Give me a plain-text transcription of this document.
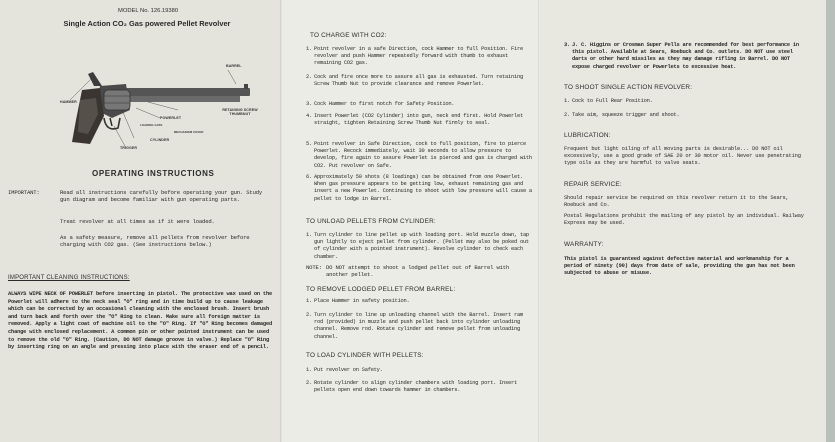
MODEL No. 126.19380
Single Action CO₂ Gas powered Pellet Revolver
BARREL
HAMMER
POWERLET
LOADING GATE
RETAINING SCREW THUMBNUT
MECHANISM COVER
CYLINDER
TRIGGER
OPERATING INSTRUCTIONS
IMPORTANT:	Read all instructions carefully before operating your gun. Study gun diagram and become familiar with gun operating parts.
Treat revolver at all times as if it were loaded.
As a safety measure, remove all pellets from revolver before charging with CO2 gas. (See instructions below.)
IMPORTANT CLEANING INSTRUCTIONS:
ALWAYS WIPE NECK OF POWERLET before inserting in pistol. The protective wax used on the Powerlet will adhere to the neck seal "O" ring and in time build up to cause leakage which can be corrected by an occasional cleaning with the enclosed brush. Insert brush and turn back and forth over the "O" Ring to clean. Make sure all foreign matter is removed. Apply a light coat of machine oil to the "O" Ring. If "O" Ring becomes damaged change with enclosed replacement. A common pin or other pointed instrument can be used to remove the old "O" Ring. (Caution, DO NOT damage groove in valve.) Replace "O" Ring by inserting ring on an angle and pressing into place with the eraser end of a pencil.
TO CHARGE WITH CO2:
1. Point revolver in a safe Direction, cock Hammer to full Position. Fire revolver and push Hammer repeatedly forward with thumb to exhaust remaining CO2 gas.
2. Cock and fire once more to assure all gas is exhausted. Turn retaining Screw Thumb Nut to provide clearance and remove Powerlet.
3. Cock Hammer to first notch for Safety Position.
4. Insert Powerlet (CO2 Cylinder) into gun, neck end first. Hold Powerlet straight, tighten Retaining Screw Thumb Nut firmly to seal.
5. Point revolver in Safe Direction, cock to full position, fire to pierce Powerlet. Recock immediately, wait 30 seconds to allow pressure to develop, fire again to assure Powerlet is pierced and gas is charged with CO2. Put revolver on Safe.
6. Approximately 50 shots (8 loadings) can be obtained from one Powerlet. When gas pressure appears to be getting low, exhaust remaining gas and insert a new Powerlet. Continuing to shoot with low pressure will cause a pellet to lodge in Barrel.
TO UNLOAD PELLETS FROM CYLINDER:
1. Turn cylinder to line pellet up with loading port. Hold muzzle down, tap gun lightly to eject pellet from cylinder. (Pellet may also be poked out of cylinder with a pointed instrument). Revolve cylinder to check each chamber.
NOTE: DO NOT attempt to shoot a lodged pellet out of Barrel with another pellet.
TO REMOVE LODGED PELLET FROM BARREL:
1. Place Hammer in safety position.
2. Turn cylinder to line up unloading channel with the Barrel. Insert ram rod (provided) in muzzle and push pellet back into cylinder unloading channel. Remove rod. Rotate cylinder and remove pellet from unloading channel.
TO LOAD CYLINDER WITH PELLETS:
1. Put revolver on Safety.
2. Rotate cylinder to align cylinder chambers with loading port. Insert pellets open end down towards hammer in chambers.
3. J. C. Higgins or Crosman Super Pells are recommended for best performance in this pistol. Available at Sears, Roebuck and Co. outlets. DO NOT use steel darts or other hard missiles as they may damage rifling in Barrel. DO NOT expose charged revolver or Powerlets to excessive heat.
TO SHOOT SINGLE ACTION REVOLVER:
1. Cock to Full Rear Position.
2. Take aim, squeeze trigger and shoot.
LUBRICATION:
Frequent but light oiling of all moving parts is desirable... DO NOT oil excessively, use a good grade of SAE 20 or 30 motor oil. Never use penetrating type oils as they are harmful to valve seats.
REPAIR SERVICE:
Should repair service be required on this revolver return it to the Sears, Roebuck and Co.
Postal Regulations prohibit the mailing of any pistol by an individual. Railway Express may be used.
WARRANTY:
This pistol is guaranteed against defective material and workmanship for a period of ninety (90) days from date of sale, providing the gun has not been subjected to abuse or misuse.
